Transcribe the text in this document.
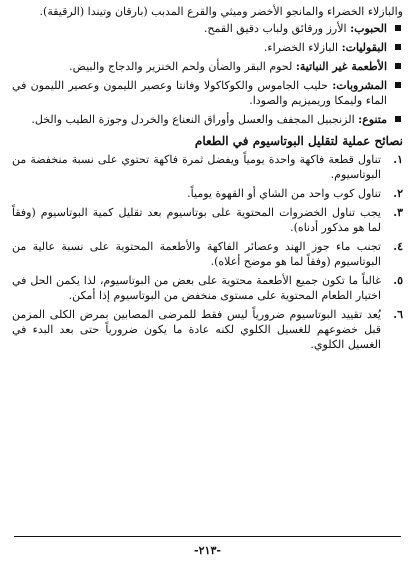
والبازلاء الخضراء والمانجو الأخضر وميثي والقرع المدبب (بارقان وتيندا (الرقيقة).

الحبوب: الأرز ورقائق ولباب دقيق القمح.
البقوليات: البازلاء الخضراء.
الأطعمة غير النباتية: لحوم البقر والضأن ولحم الخنزير والدجاج والبيض.
المشروبات: حليب الجاموس والكوكاكولا وفانتا وعصير الليمون وعصير الليمون في الماء وليمكا وريميزيم والصودا.
متنوع: الزنجبيل المجفف والعسل وأوراق النعناع والخردل وجوزة الطيب والخل.
نصائح عملية لتقليل البوتاسيوم في الطعام
١.
تناول قطعة فاكهة واحدة يومياً ويفضل ثمرة فاكهة تحتوي على نسبة منخفضة من البوتاسيوم.
٢.
تناول كوب واحد من الشاي أو القهوة يومياً.
٣.
يجب تناول الخضروات المحتوية على بوتاسيوم بعد تقليل كمية البوتاسيوم (وفقاً لما هو مذكور أدناه).
٤.
تجنب ماء جوز الهند وعصائر الفاكهة والأطعمة المحتوية على نسبة عالية من البوتاسيوم (وفقاً لما هو موضح أعلاه).
٥.
غالباً ما تكون جميع الأطعمة محتوية على بعض من البوتاسيوم، لذا يكمن الحل في اختيار الطعام المحتوية على مستوى منخفض من البوتاسيوم إذا أمكن.
٦.
يُعد تقييد البوتاسيوم ضرورياً ليس فقط للمرضى المصابين بمرض الكلى المزمن قبل خضوعهم للغسيل الكلوي لكنه عادة ما يكون ضرورياً حتى بعد البدء في الغسيل الكلوي.
-٢١٣-
